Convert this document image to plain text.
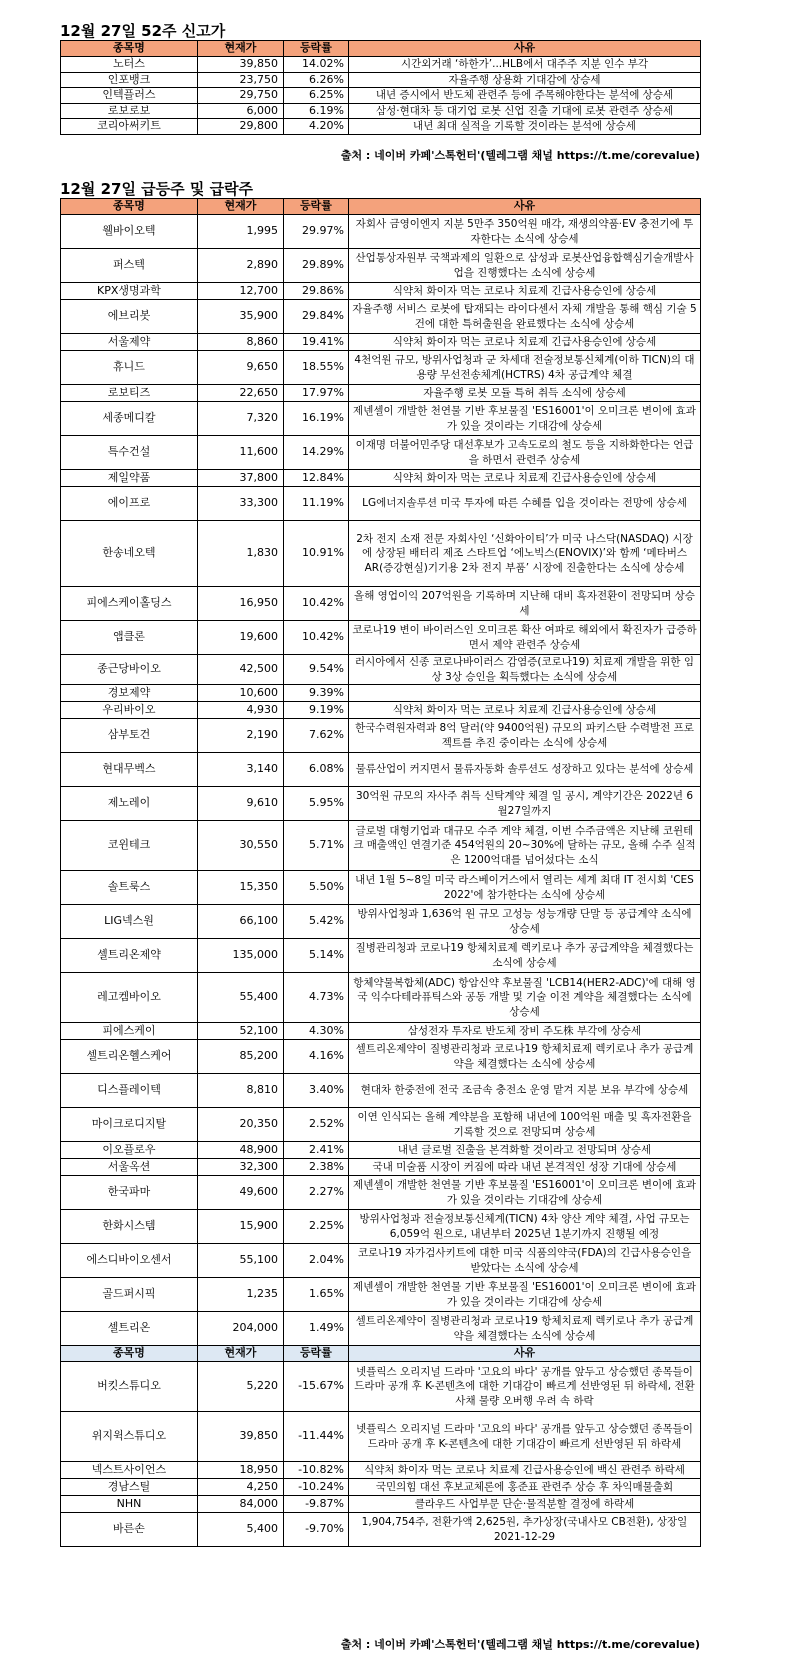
12월 27일 52주 신고가
종목명	현재가	등락률	사유
노터스	39,850	14.02%	시간외거래 ‘하한가’...HLB에서 대주주 지분 인수 부각
인포뱅크	23,750	6.26%	자율주행 상용화 기대감에 상승세
인텍플러스	29,750	6.25%	내년 증시에서 반도체 관련주 등에 주목해야한다는 분석에 상승세
로보로보	6,000	6.19%	삼성·현대차 등 대기업 로봇 신업 진출 기대에 로봇 관련주 상승세
코리아써키트	29,800	4.20%	내년 최대 실적을 기록할 것이라는 분석에 상승세
출처 : 네이버 카페'스톡헌터'(텔레그램 채널 https://t.me/corevalue)
12월 27일 급등주 및 급락주
종목명	현재가	등락률	사유
웰바이오텍	1,995	29.97%	자회사 금영이엔지 지분 5만주 350억원 매각, 재생의약품·EV 충전기에 투자한다는 소식에 상승세
퍼스텍	2,890	29.89%	산업통상자원부 국책과제의 일환으로 삼성과 로봇산업융합핵심기술개발사업을 진행했다는 소식에 상승세
KPX생명과학	12,700	29.86%	식약처 화이자 먹는 코로나 치료제 긴급사용승인에 상승세
에브리봇	35,900	29.84%	자율주행 서비스 로봇에 탑재되는 라이다센서 자체 개발을 통해 핵심 기술 5건에 대한 특허출원을 완료했다는 소식에 상승세
서울제약	8,860	19.41%	식약처 화이자 먹는 코로나 치료제 긴급사용승인에 상승세
휴니드	9,650	18.55%	4천억원 규모, 방위사업청과 군 차세대 전술정보통신체계(이하 TICN)의 대용량 무선전송체계(HCTRS) 4차 공급계약 체결
로보티즈	22,650	17.97%	자율주행 로봇 모듈 특허 취득 소식에 상승세
세종메디칼	7,320	16.19%	제넨셀이 개발한 천연물 기반 후보물질 'ES16001'이 오미크론 변이에 효과가 있을 것이라는 기대감에 상승세
특수건설	11,600	14.29%	이재명 더불어민주당 대선후보가 고속도로의 철도 등을 지하화한다는 언급을 하면서 관련주 상승세
제일약품	37,800	12.84%	식약처 화이자 먹는 코로나 치료제 긴급사용승인에 상승세
에이프로	33,300	11.19%	LG에너지솔루션 미국 투자에 따른 수혜를 입을 것이라는 전망에 상승세
한송네오텍	1,830	10.91%	2차 전지 소재 전문 자회사인 ‘신화아이티’가 미국 나스닥(NASDAQ) 시장에 상장된 배터리 제조 스타트업 ‘에노빅스(ENOVIX)’와 함께 ‘메타버스 AR(증강현실)기기용 2차 전지 부품’ 시장에 진출한다는 소식에 상승세
피에스케이홀딩스	16,950	10.42%	올해 영업이익 207억원을 기록하며 지난해 대비 흑자전환이 전망되며 상승세
앱클론	19,600	10.42%	코로나19 변이 바이러스인 오미크론 확산 여파로 해외에서 확진자가 급증하면서 제약 관련주 상승세
종근당바이오	42,500	9.54%	러시아에서 신종 코로나바이러스 감염증(코로나19) 치료제 개발을 위한 임상 3상 승인을 획득했다는 소식에 상승세
경보제약	10,600	9.39%	
우리바이오	4,930	9.19%	식약처 화이자 먹는 코로나 치료제 긴급사용승인에 상승세
삼부토건	2,190	7.62%	한국수력원자력과 8억 달러(약 9400억원) 규모의 파키스탄 수력발전 프로젝트를 추진 중이라는 소식에 상승세
현대무벡스	3,140	6.08%	물류산업이 커지면서 물류자동화 솔루션도 성장하고 있다는 분석에 상승세
제노레이	9,610	5.95%	30억원 규모의 자사주 취득 신탁계약 체결 일 공시, 계약기간은 2022년 6월27일까지
코윈테크	30,550	5.71%	글로벌 대형기업과 대규모 수주 계약 체결, 이번 수주금액은 지난해 코윈테크 매출액인 연결기준 454억원의 20~30%에 달하는 규모, 올해 수주 실적은 1200억대를 넘어섰다는 소식
솔트룩스	15,350	5.50%	내년 1월 5~8일 미국 라스베이거스에서 열리는 세계 최대 IT 전시회 'CES 2022'에 참가한다는 소식에 상승세
LIG넥스원	66,100	5.42%	방위사업청과 1,636억 원 규모 고성능 성능개량 단말 등 공급계약 소식에 상승세
셀트리온제약	135,000	5.14%	질병관리청과 코로나19 항체치료제 렉키로나 추가 공급계약을 체결했다는 소식에 상승세
레고켐바이오	55,400	4.73%	항체약물복합체(ADC) 항암신약 후보물질 'LCB14(HER2-ADC)'에 대해 영국 익수다테라퓨틱스와 공동 개발 및 기술 이전 계약을 체결했다는 소식에 상승세
피에스케이	52,100	4.30%	삼성전자 투자로 반도체 장비 주도株 부각에 상승세
셀트리온헬스케어	85,200	4.16%	셀트리온제약이 질병관리청과 코로나19 항체치료제 렉키로나 추가 공급계약을 체결했다는 소식에 상승세
디스플레이텍	8,810	3.40%	현대차 한중전에 전국 조금속 충전소 운영 맡겨 지분 보유 부각에 상승세
마이크로디지탈	20,350	2.52%	이연 인식되는 올해 계약분을 포함해 내년에 100억원 매출 및 흑자전환을 기록할 것으로 전망되며 상승세
이오플로우	48,900	2.41%	내년 글로벌 진출을 본격화할 것이라고 전망되며 상승세
서울옥션	32,300	2.38%	국내 미술품 시장이 커짐에 따라 내년 본격적인 성장 기대에 상승세
한국파마	49,600	2.27%	제넨셀이 개발한 천연물 기반 후보물질 'ES16001'이 오미크론 변이에 효과가 있을 것이라는 기대감에 상승세
한화시스템	15,900	2.25%	방위사업청과 전술정보통신체계(TICN) 4차 양산 계약 체결, 사업 규모는 6,059억 원으로, 내년부터 2025년 1분기까지 진행될 예정
에스디바이오센서	55,100	2.04%	코로나19 자가검사키트에 대한 미국 식품의약국(FDA)의 긴급사용승인을 받았다는 소식에 상승세
골드퍼시픽	1,235	1.65%	제넨셀이 개발한 천연물 기반 후보물질 'ES16001'이 오미크론 변이에 효과가 있을 것이라는 기대감에 상승세
셀트리온	204,000	1.49%	셀트리온제약이 질병관리청과 코로나19 항체치료제 렉키로나 추가 공급계약을 체결했다는 소식에 상승세
종목명	현재가	등락률	사유
버킷스튜디오	5,220	-15.67%	넷플릭스 오리지널 드라마 '고요의 바다' 공개를 앞두고 상승했던 종목들이 드라마 공개 후 K-콘텐츠에 대한 기대감이 빠르게 선반영된 뒤 하락세, 전환사채 물량 오버행 우려 속 하락
위지윅스튜디오	39,850	-11.44%	넷플릭스 오리지널 드라마 '고요의 바다' 공개를 앞두고 상승했던 종목들이 드라마 공개 후 K-콘텐츠에 대한 기대감이 빠르게 선반영된 뒤 하락세
넥스트사이언스	18,950	-10.82%	식약처 화이자 먹는 코로나 치료제 긴급사용승인에 백신 관련주 하락세
경남스틸	4,250	-10.24%	국민의힘 대선 후보교체론에 홍준표 관련주 상승 후 차익매물출회
NHN	84,000	-9.87%	클라우드 사업부문 단순·물적분할 결정에 하락세
바른손	5,400	-9.70%	1,904,754주, 전환가액 2,625원, 추가상장(국내사모 CB전환), 상장일 2021-12-29
출처 : 네이버 카페'스톡헌터'(텔레그램 채널 https://t.me/corevalue)
